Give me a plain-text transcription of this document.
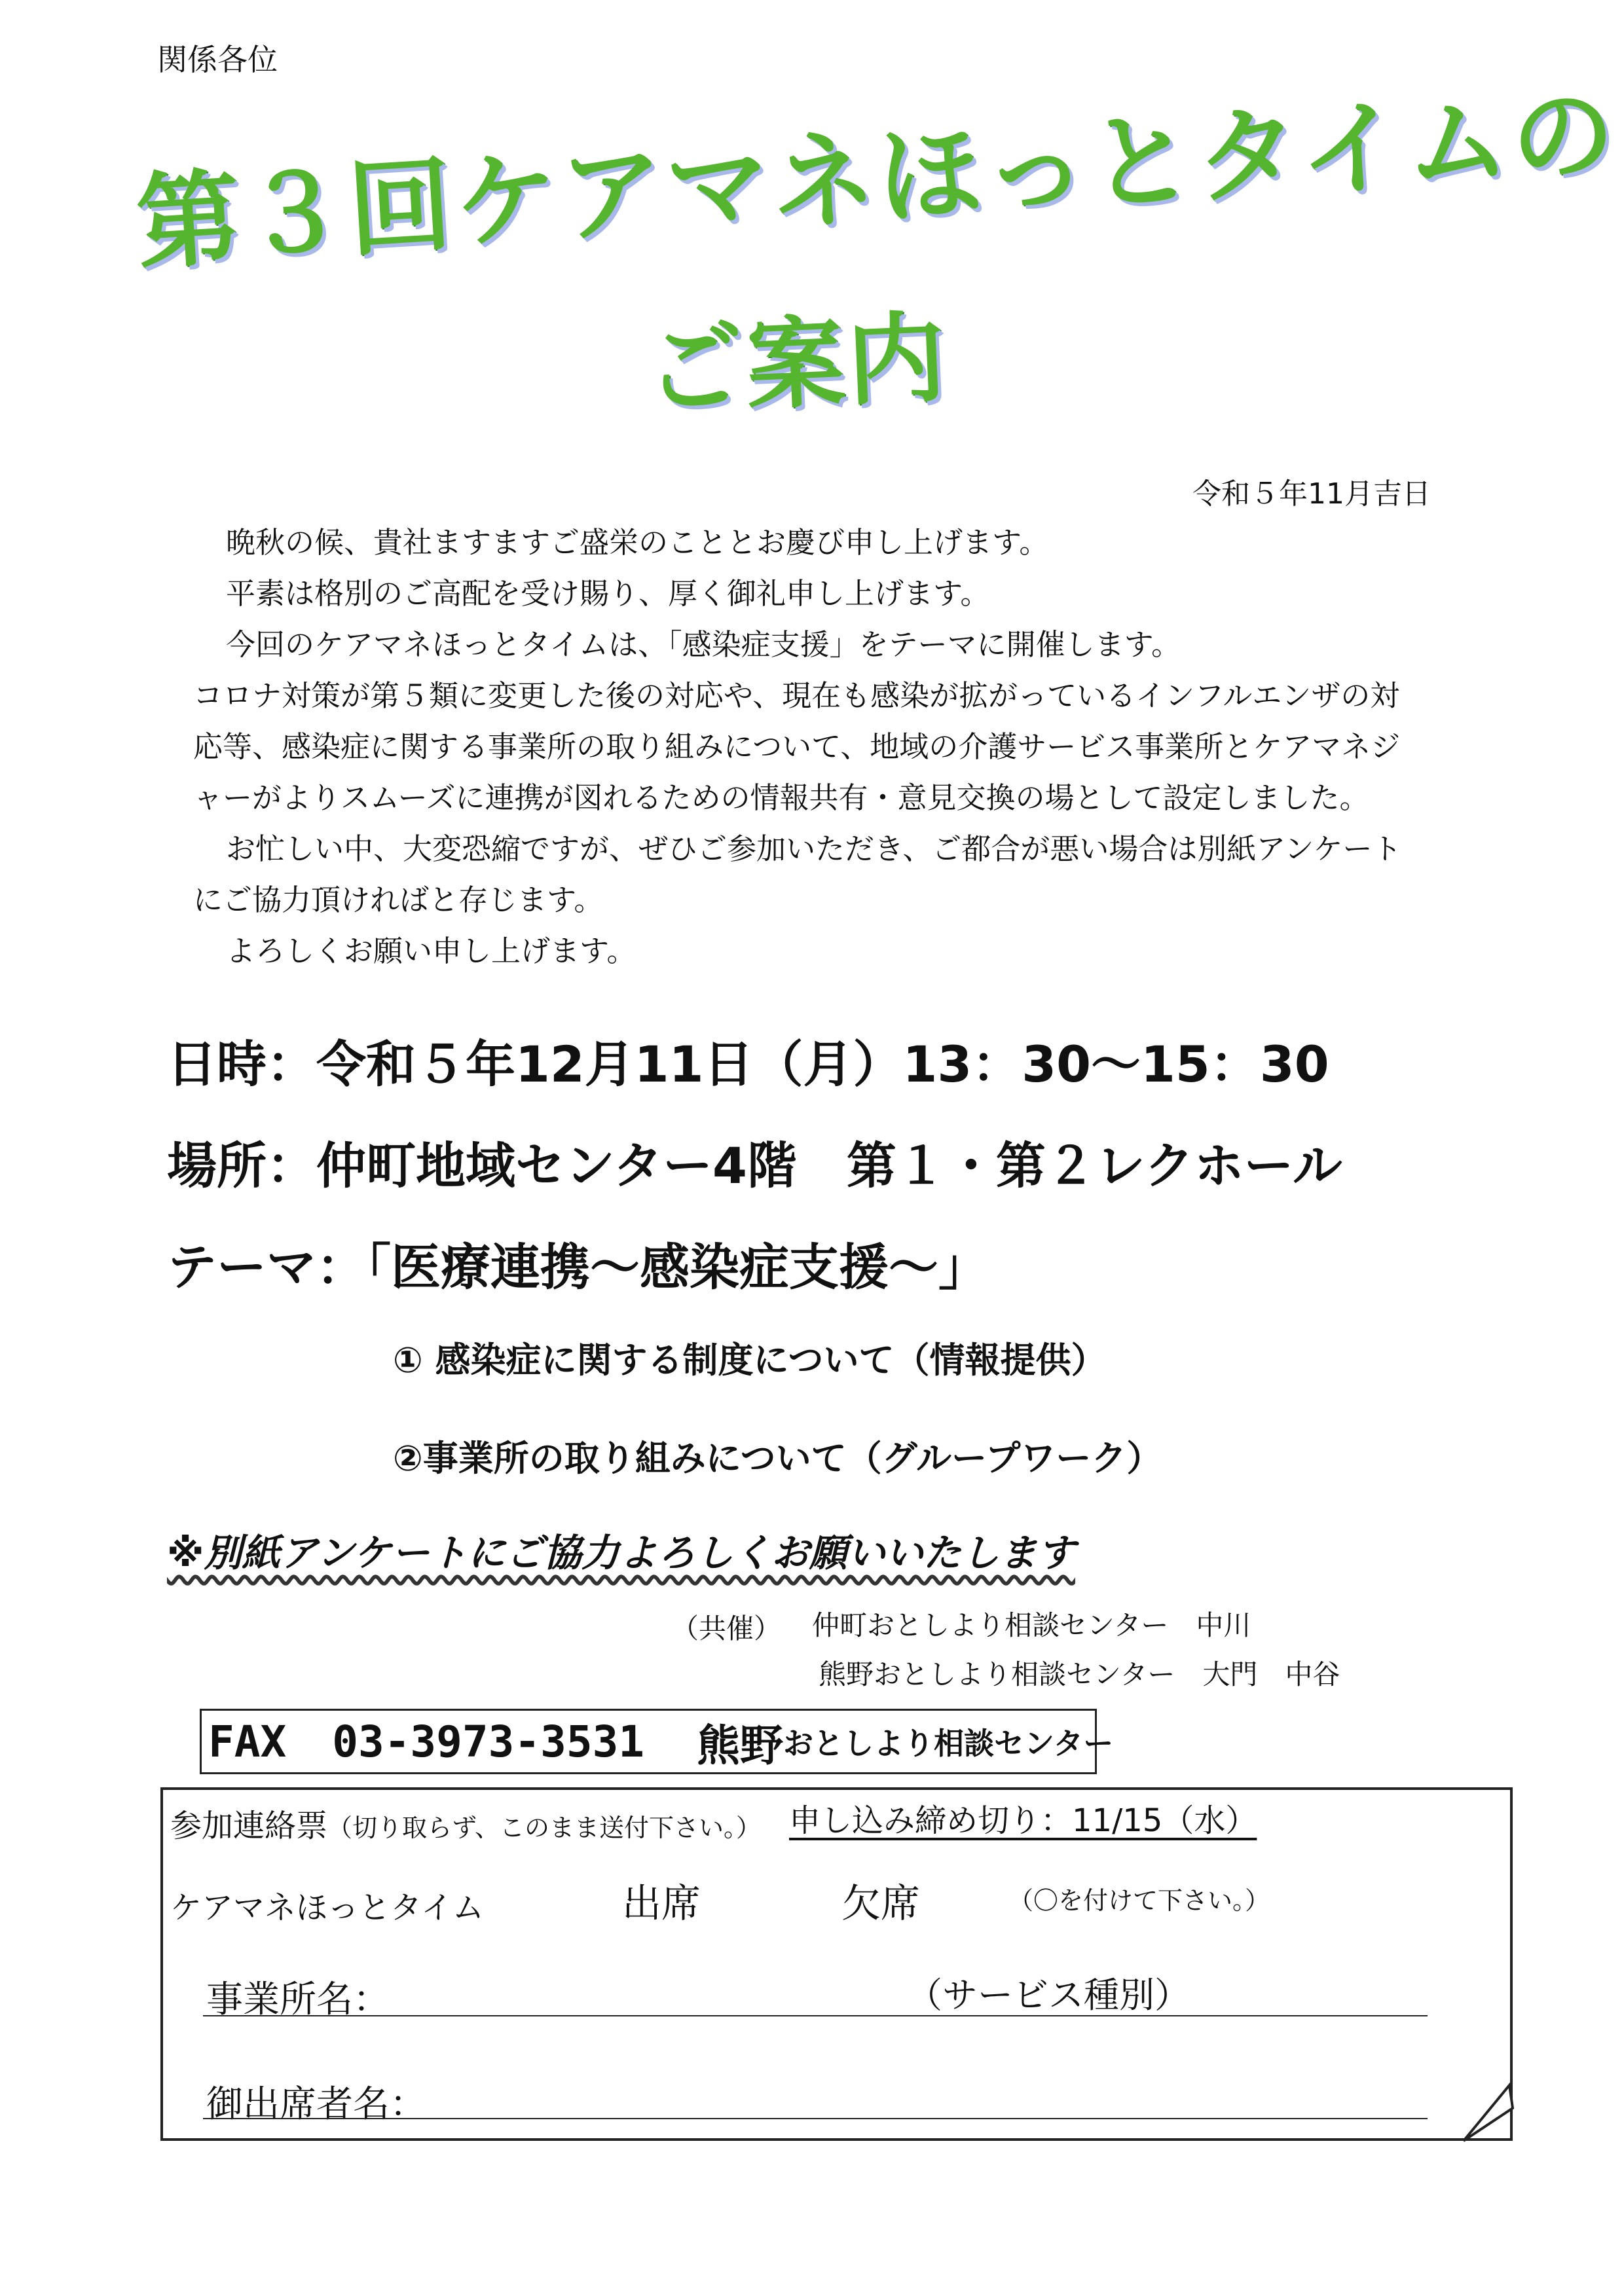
関係各位
第３回ケアマネほっとタイムの
ご案内
令和５年11月吉日

晩秋の候、貴社ますますご盛栄のこととお慶び申し上げます。

平素は格別のご高配を受け賜り、厚く御礼申し上げます。

今回のケアマネほっとタイムは、「感染症支援」をテーマに開催します。

コロナ対策が第５類に変更した後の対応や、現在も感染が拡がっているインフルエンザの対

応等、感染症に関する事業所の取り組みについて、地域の介護サービス事業所とケアマネジ

ャーがよりスムーズに連携が図れるための情報共有・意見交換の場として設定しました。

お忙しい中、大変恐縮ですが、ぜひご参加いただき、ご都合が悪い場合は別紙アンケート

にご協力頂ければと存じます。

よろしくお願い申し上げます。

日時：令和５年12月11日（月）13：30～15：30
場所：仲町地域センター4階　第１・第２レクホール
テーマ：「医療連携～感染症支援～」
① 感染症に関する制度について（情報提供）
②事業所の取り組みについて（グループワーク）
※別紙アンケートにご協力よろしくお願いいたします
（共催） 仲町おとしより相談センター　中川
熊野おとしより相談センター　大門　中谷
FAX 03-3973-3531 熊野 おとしより相談センター
参加連絡票（切り取らず、このまま送付下さい。） 申し込み締め切り：11/15（水）
ケアマネほっとタイム	出席	欠席	（〇を付けて下さい。）
事業所名：	（サービス種別）
御出席者名：
